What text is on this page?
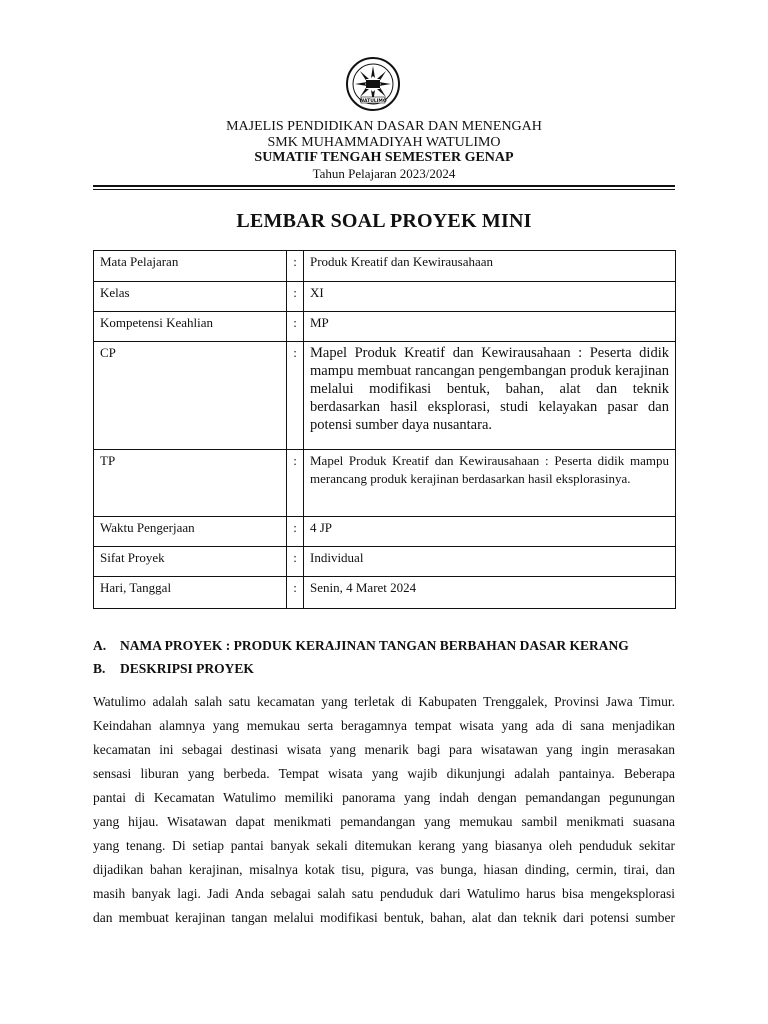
WATULIMO
MAJELIS PENDIDIKAN DASAR DAN MENENGAH
SMK MUHAMMADIYAH WATULIMO
SUMATIF TENGAH SEMESTER GENAP
Tahun Pelajaran 2023/2024
LEMBAR SOAL PROYEK MINI
Mata Pelajaran	:	Produk Kreatif dan Kewirausahaan
Kelas	:	XI
Kompetensi Keahlian	:	MP
CP	:	Mapel Produk Kreatif dan Kewirausahaan : Peserta didik mampu membuat rancangan pengembangan produk kerajinan melalui modifikasi bentuk, bahan, alat dan teknik berdasarkan hasil eksplorasi, studi kelayakan pasar dan potensi sumber daya nusantara.
TP	:	Mapel Produk Kreatif dan Kewirausahaan : Peserta didik mampu merancang produk kerajinan berdasarkan hasil eksplorasinya.
Waktu Pengerjaan	:	4 JP
Sifat Proyek	:	Individual
Hari, Tanggal	:	Senin, 4 Maret 2024
A. NAMA PROYEK : PRODUK KERAJINAN TANGAN BERBAHAN DASAR KERANG
B. DESKRIPSI PROYEK
Watulimo adalah salah satu kecamatan yang terletak di Kabupaten Trenggalek, Provinsi Jawa Timur.
Keindahan alamnya yang memukau serta beragamnya tempat wisata yang ada di sana menjadikan
kecamatan ini sebagai destinasi wisata yang menarik bagi para wisatawan yang ingin merasakan
sensasi liburan yang berbeda. Tempat wisata yang wajib dikunjungi adalah pantainya. Beberapa
pantai di Kecamatan Watulimo memiliki panorama yang indah dengan pemandangan pegunungan
yang hijau. Wisatawan dapat menikmati pemandangan yang memukau sambil menikmati suasana
yang tenang. Di setiap pantai banyak sekali ditemukan kerang yang biasanya oleh penduduk sekitar
dijadikan bahan kerajinan, misalnya kotak tisu, pigura, vas bunga, hiasan dinding, cermin, tirai, dan
masih banyak lagi. Jadi Anda sebagai salah satu penduduk dari Watulimo harus bisa mengeksplorasi
dan membuat kerajinan tangan melalui modifikasi bentuk, bahan, alat dan teknik dari potensi sumber
